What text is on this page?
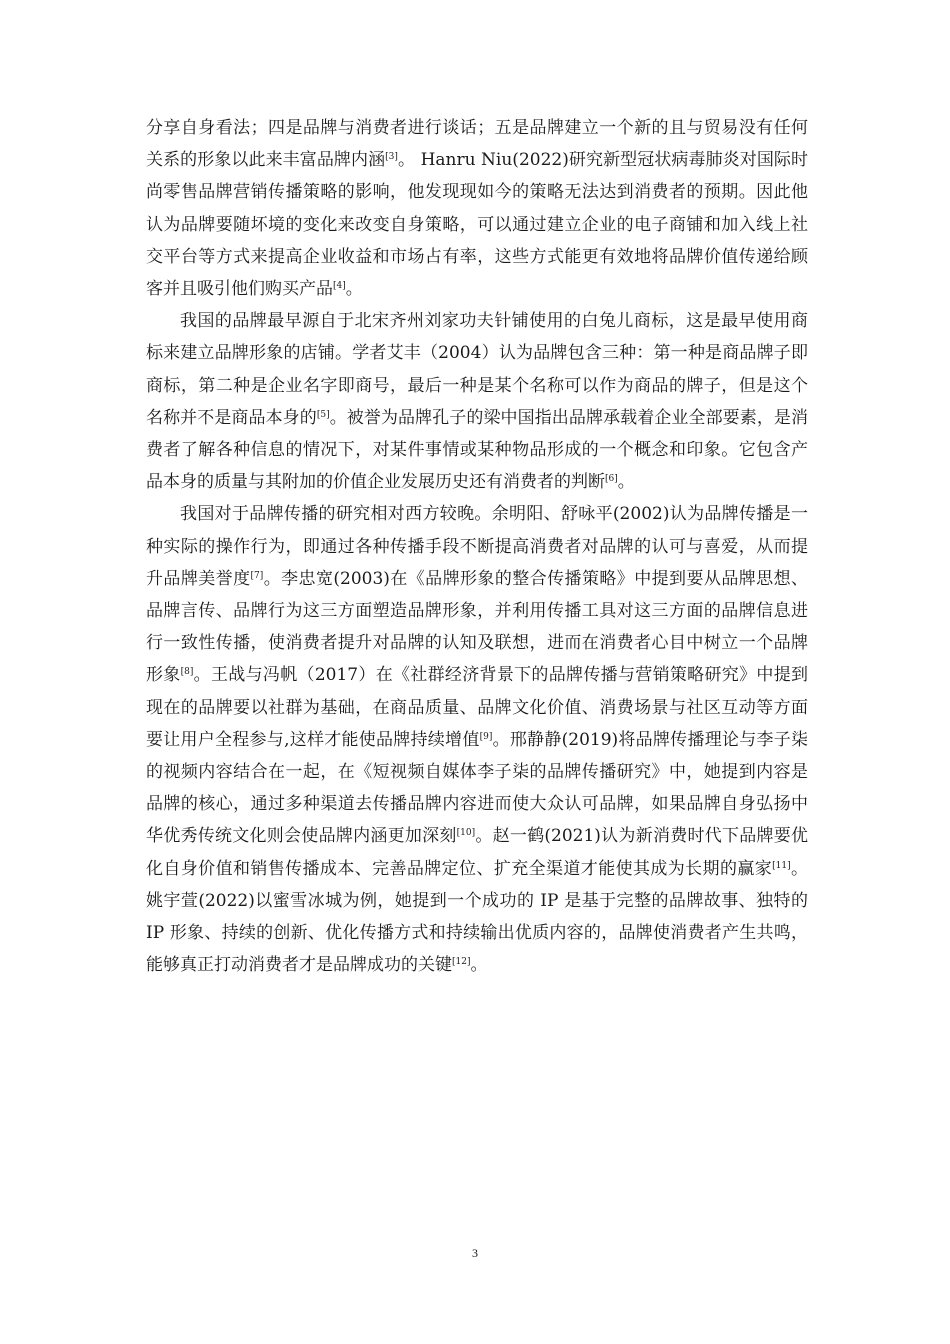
分享自身看法；四是品牌与消费者进行谈话；五是品牌建立一个新的且与贸易没有任何关系的形象以此来丰富品牌内涵[3]。 Hanru Niu(2022)研究新型冠状病毒肺炎对国际时尚零售品牌营销传播策略的影响，他发现现如今的策略无法达到消费者的预期。因此他认为品牌要随坏境的变化来改变自身策略，可以通过建立企业的电子商铺和加入线上社交平台等方式来提高企业收益和市场占有率，这些方式能更有效地将品牌价值传递给顾客并且吸引他们购买产品[4]。

我国的品牌最早源自于北宋齐州刘家功夫针铺使用的白兔儿商标，这是最早使用商标来建立品牌形象的店铺。学者艾丰（2004）认为品牌包含三种：第一种是商品牌子即商标，第二种是企业名字即商号，最后一种是某个名称可以作为商品的牌子，但是这个名称并不是商品本身的[5]。被誉为品牌孔子的梁中国指出品牌承载着企业全部要素，是消费者了解各种信息的情况下，对某件事情或某种物品形成的一个概念和印象。它包含产品本身的质量与其附加的价值企业发展历史还有消费者的判断[6]。

我国对于品牌传播的研究相对西方较晚。余明阳、舒咏平(2002)认为品牌传播是一种实际的操作行为，即通过各种传播手段不断提高消费者对品牌的认可与喜爱，从而提升品牌美誉度[7]。李忠宽(2003)在《品牌形象的整合传播策略》中提到要从品牌思想、品牌言传、品牌行为这三方面塑造品牌形象，并利用传播工具对这三方面的品牌信息进行一致性传播，使消费者提升对品牌的认知及联想，进而在消费者心目中树立一个品牌形象[8]。王战与冯帆（2017）在《社群经济背景下的品牌传播与营销策略研究》中提到现在的品牌要以社群为基础，在商品质量、品牌文化价值、消费场景与社区互动等方面要让用户全程参与,这样才能使品牌持续增值[9]。邢静静(2019)将品牌传播理论与李子柒的视频内容结合在一起，在《短视频自媒体李子柒的品牌传播研究》中，她提到内容是品牌的核心，通过多种渠道去传播品牌内容进而使大众认可品牌，如果品牌自身弘扬中华优秀传统文化则会使品牌内涵更加深刻[10]。赵一鹤(2021)认为新消费时代下品牌要优化自身价值和销售传播成本、完善品牌定位、扩充全渠道才能使其成为长期的赢家[11]。姚宇萱(2022)以蜜雪冰城为例，她提到一个成功的 IP 是基于完整的品牌故事、独特的 IP 形象、持续的创新、优化传播方式和持续输出优质内容的，品牌使消费者产生共鸣，能够真正打动消费者才是品牌成功的关键[12]。

3
